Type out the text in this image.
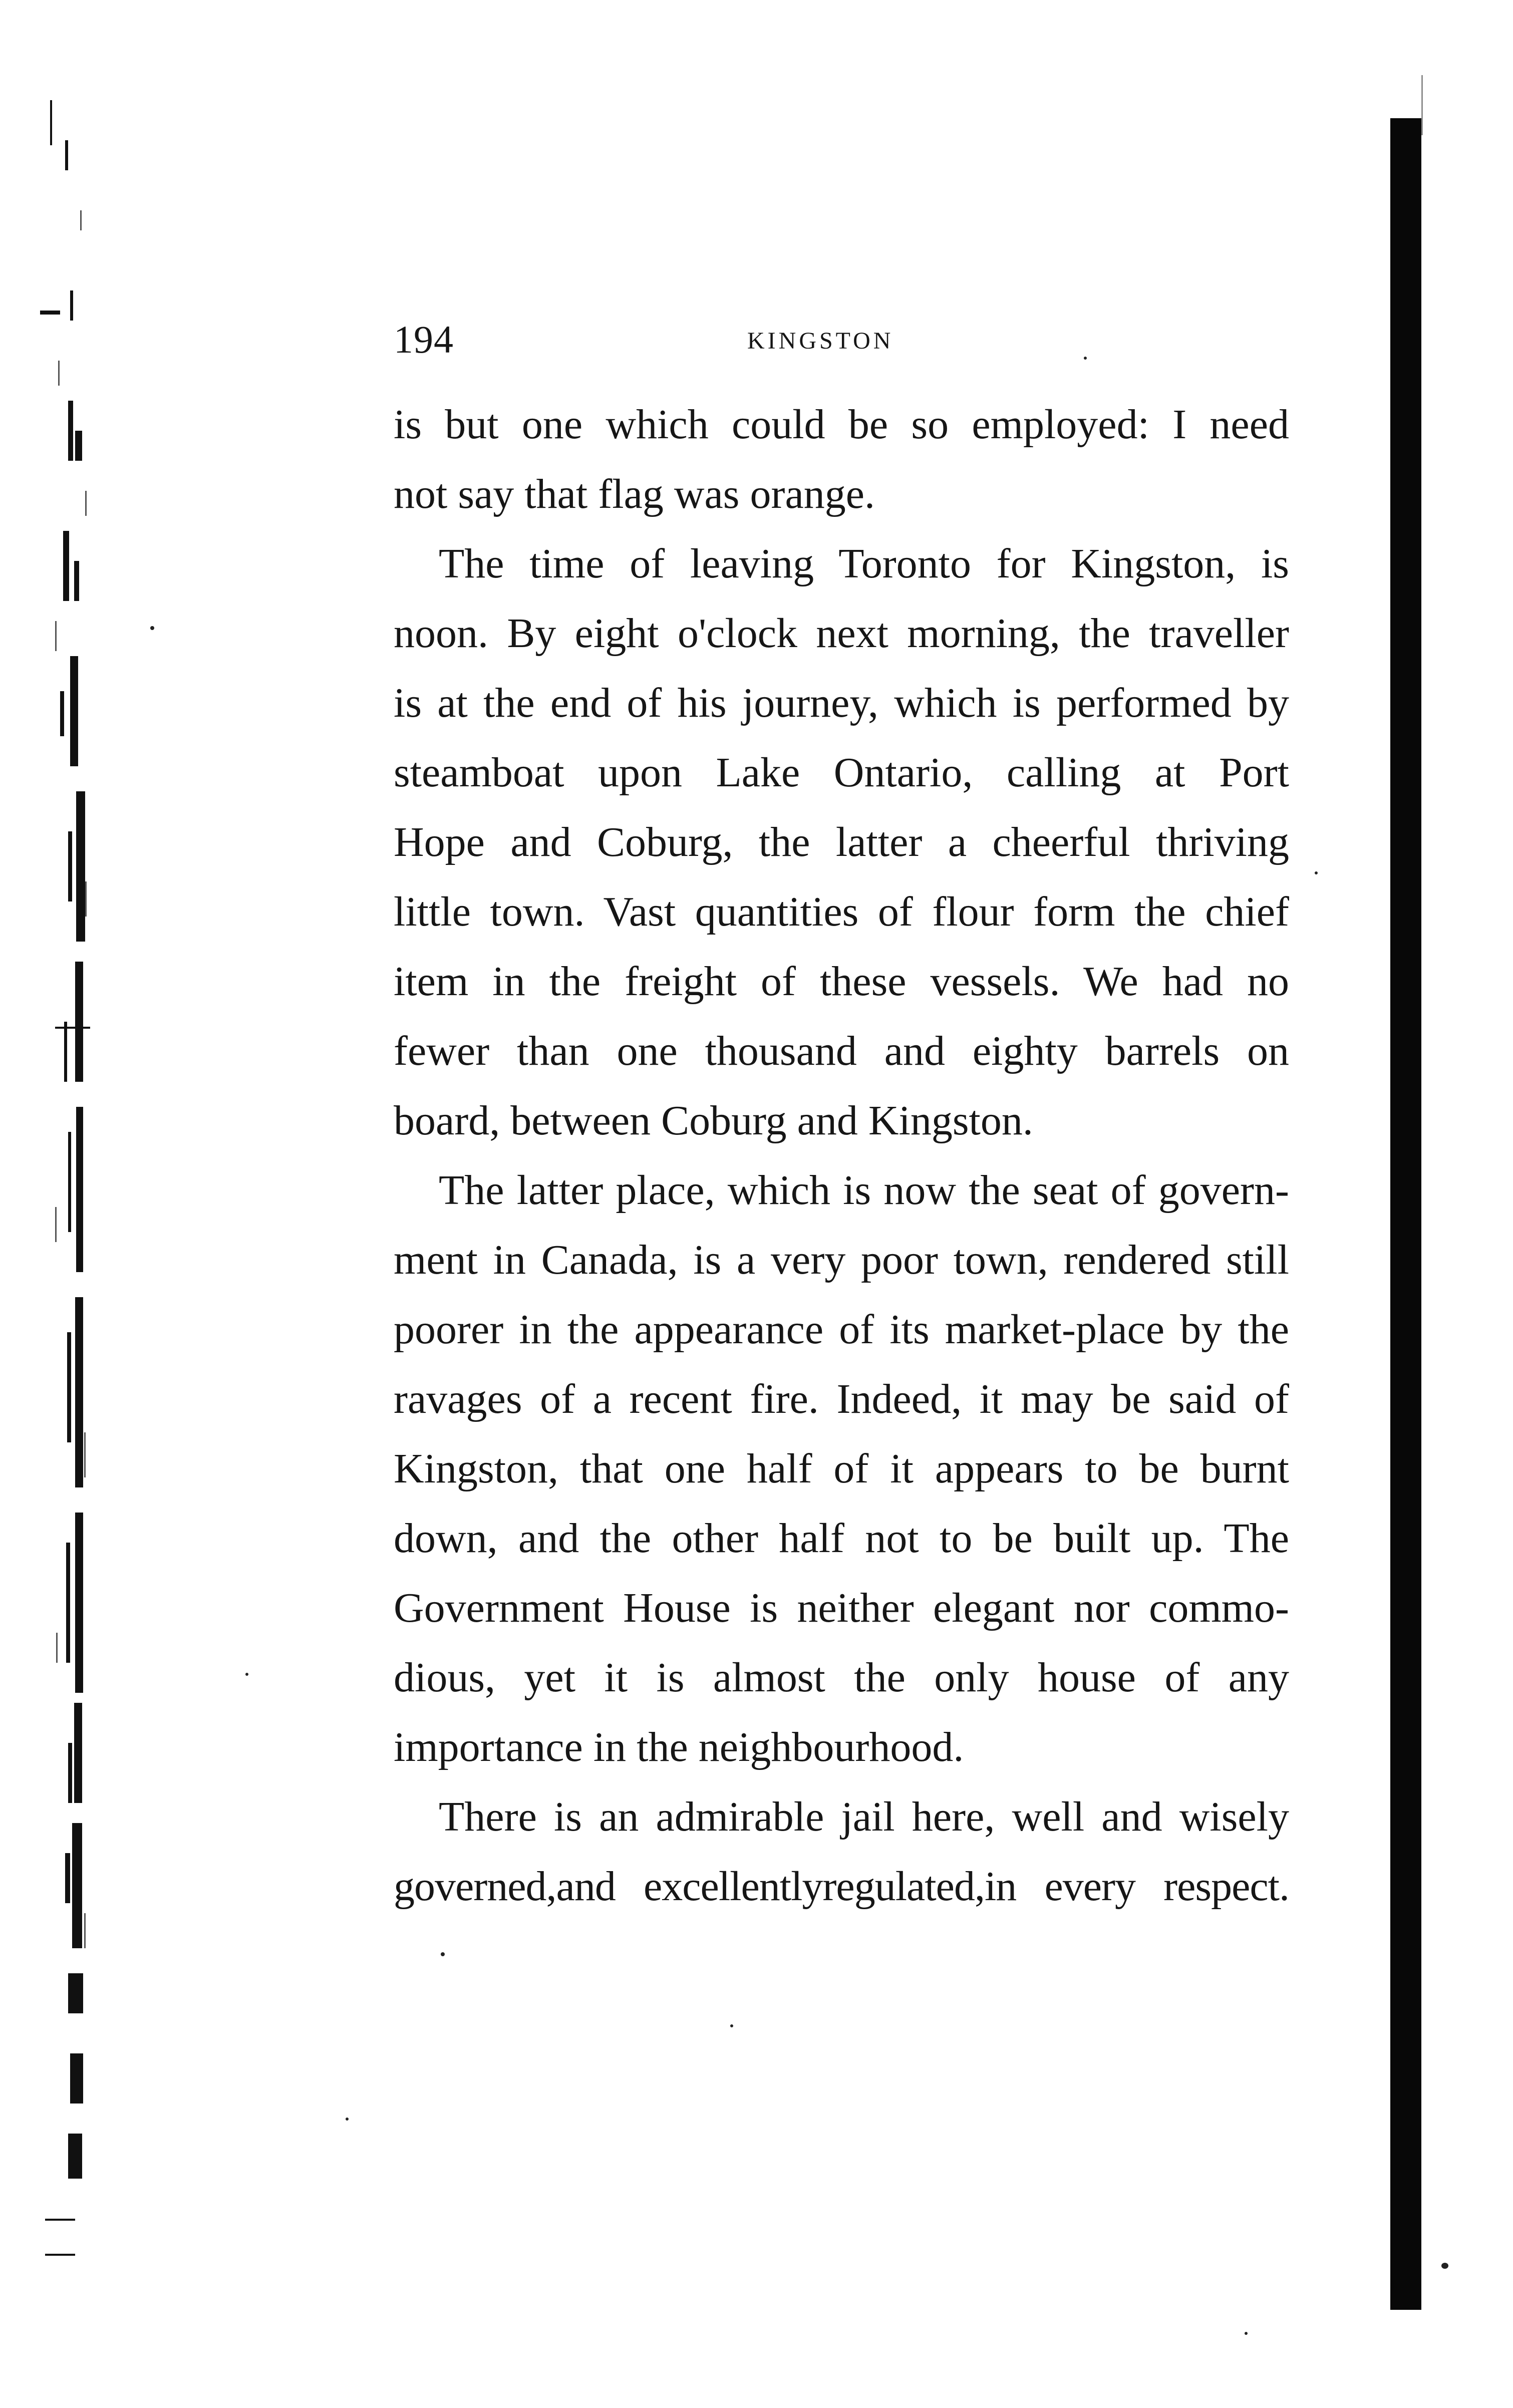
194	KINGSTON
is but one which could be so employed: I need
not say that flag was orange.
The time of leaving Toronto for Kingston, is
noon. By eight o'clock next morning, the traveller
is at the end of his journey, which is performed by
steamboat upon Lake Ontario, calling at Port
Hope and Coburg, the latter a cheerful thriving
little town. Vast quantities of flour form the chief
item in the freight of these vessels. We had no
fewer than one thousand and eighty barrels on
board, between Coburg and Kingston.
The latter place, which is now the seat of govern-
ment in Canada, is a very poor town, rendered still
poorer in the appearance of its market-place by the
ravages of a recent fire. Indeed, it may be said of
Kingston, that one half of it appears to be burnt
down, and the other half not to be built up. The
Government House is neither elegant nor commo-
dious, yet it is almost the only house of any
importance in the neighbourhood.
There is an admirable jail here, well and wisely
governed,and excellentlyregulated,in every respect.
